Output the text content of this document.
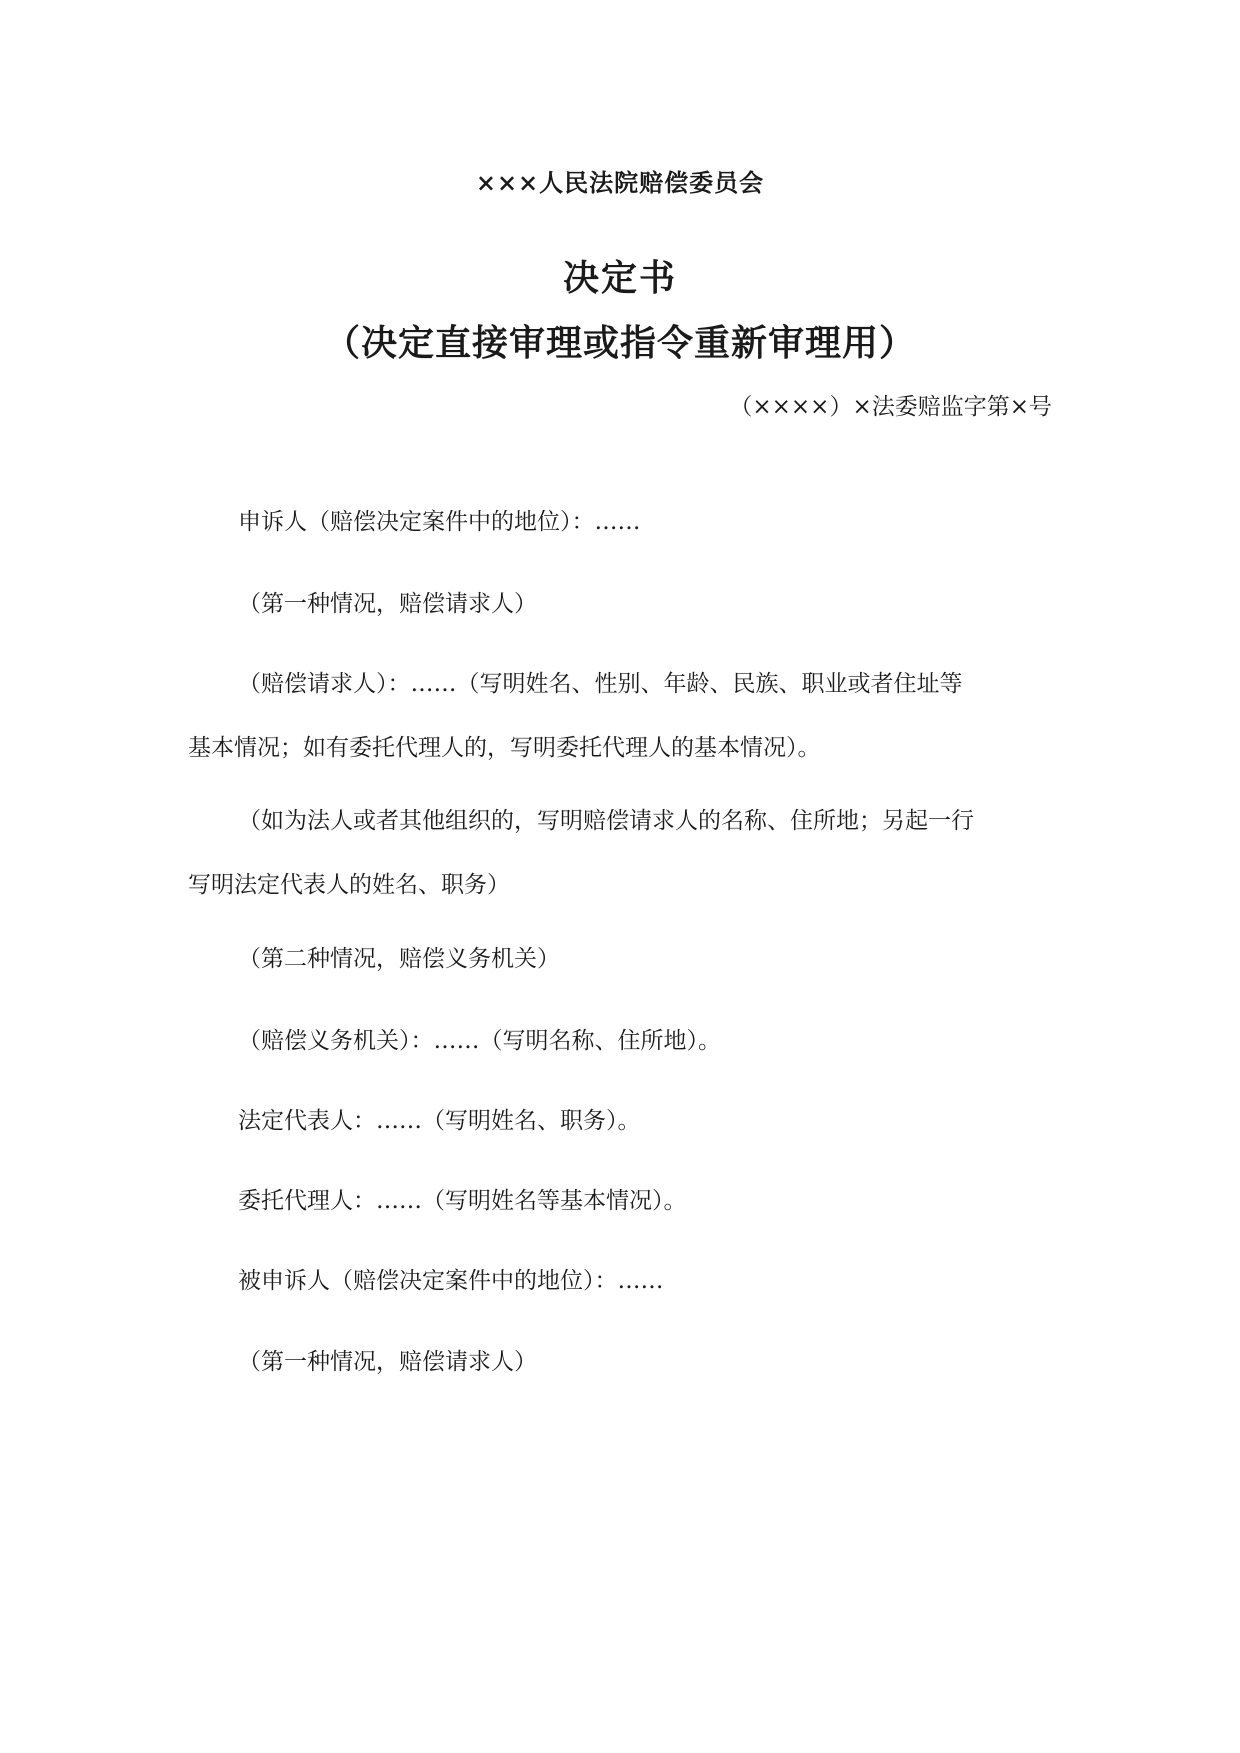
×××人民法院赔偿委员会
决定书
（决定直接审理或指令重新审理用）
（××××）×法委赔监字第×号
申诉人（赔偿决定案件中的地位）：……
（第一种情况，赔偿请求人）
（赔偿请求人）：……（写明姓名、性别、年龄、民族、职业或者住址等
基本情况；如有委托代理人的，写明委托代理人的基本情况）。
（如为法人或者其他组织的，写明赔偿请求人的名称、住所地；另起一行
写明法定代表人的姓名、职务）
（第二种情况，赔偿义务机关）
（赔偿义务机关）：……（写明名称、住所地）。
法定代表人：……（写明姓名、职务）。
委托代理人：……（写明姓名等基本情况）。
被申诉人（赔偿决定案件中的地位）：……
（第一种情况，赔偿请求人）
